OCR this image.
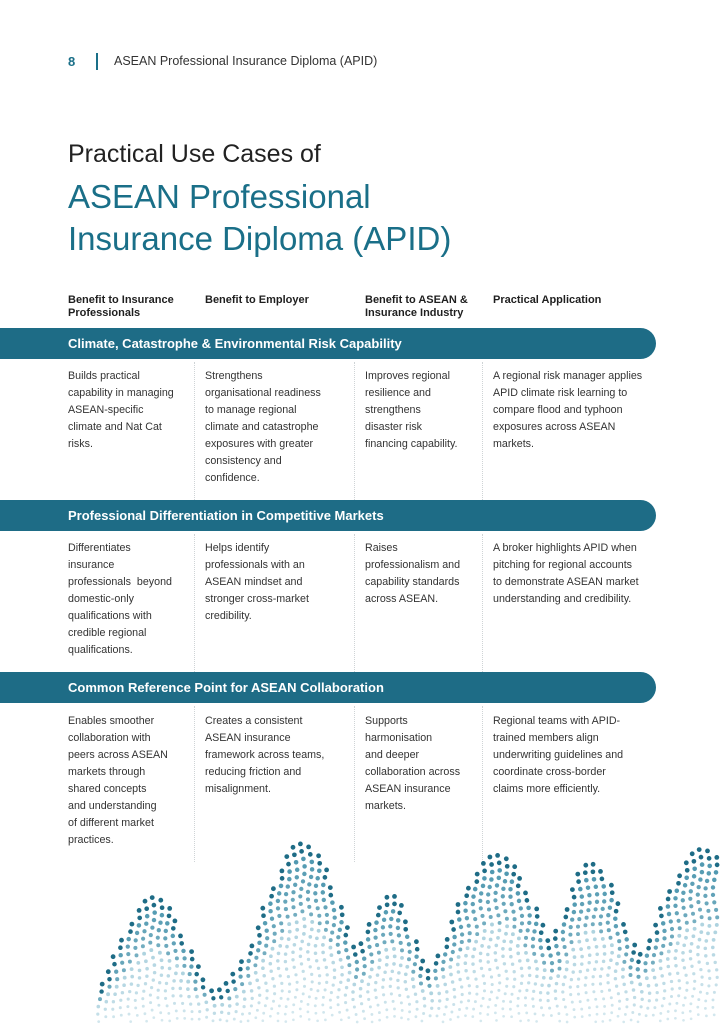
8	ASEAN Professional Insurance Diploma (APID)
Practical Use Cases of
ASEAN Professional
Insurance Diploma (APID)
Benefit to Insurance
Professionals
Benefit to Employer	Benefit to ASEAN &
Insurance Industry
Practical Application
Climate, Catastrophe & Environmental Risk Capability
Builds practical
capability in managing
ASEAN-specific
climate and Nat Cat
risks.
Strengthens
organisational readiness
to manage regional
climate and catastrophe
exposures with greater
consistency and
confidence.
Improves regional
resilience and
strengthens
disaster risk
financing capability.
A regional risk manager applies
APID climate risk learning to
compare flood and typhoon
exposures across ASEAN
markets.
Professional Differentiation in Competitive Markets
Differentiates
insurance
professionals  beyond
domestic-only
qualifications with
credible regional
qualifications.
Helps identify
professionals with an
ASEAN mindset and
stronger cross-market
credibility.
Raises
professionalism and
capability standards
across ASEAN.
A broker highlights APID when
pitching for regional accounts
to demonstrate ASEAN market
understanding and credibility.
Common Reference Point for ASEAN Collaboration
Enables smoother
collaboration with
peers across ASEAN
markets through
shared concepts
and understanding
of different market
practices.
Creates a consistent
ASEAN insurance
framework across teams,
reducing friction and
misalignment.
Supports
harmonisation
and deeper
collaboration across
ASEAN insurance
markets.
Regional teams with APID-
trained members align
underwriting guidelines and
coordinate cross-border
claims more efficiently.
